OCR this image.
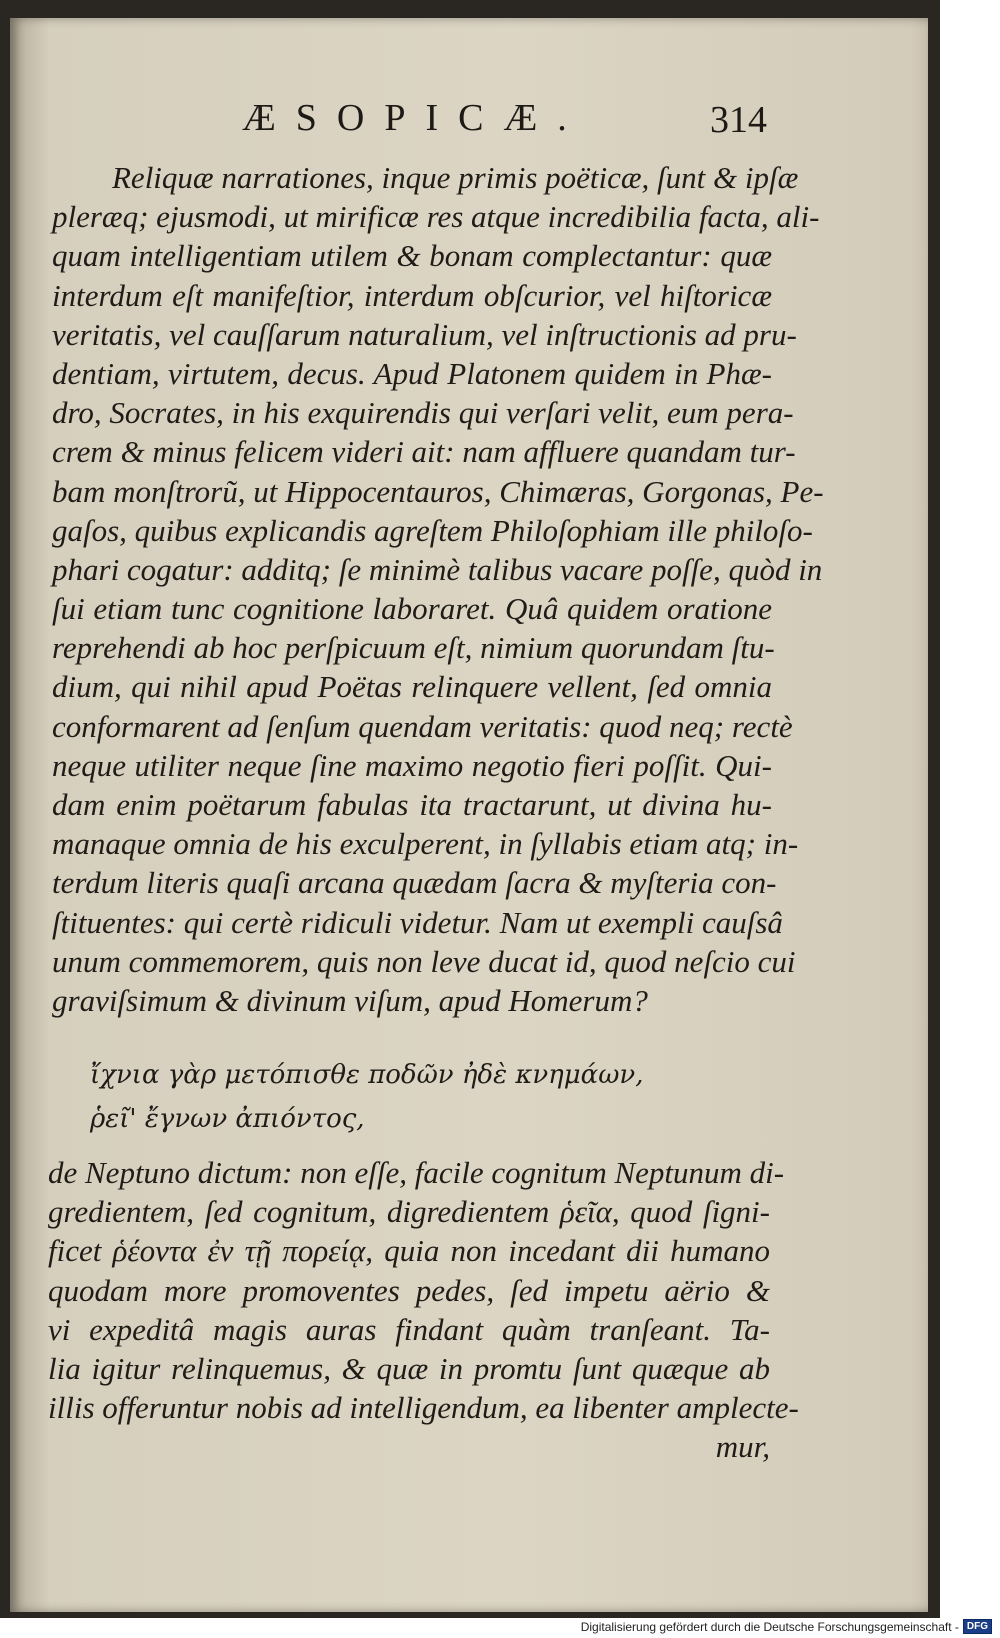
ÆSOPICÆ.	314
Reliquæ narrationes, inque primis poëticæ, ſunt & ipſæ
pleræq; ejusmodi, ut mirificæ res atque incredibilia facta, ali-
quam intelligentiam utilem & bonam complectantur: quæ
interdum eſt manifeſtior, interdum obſcurior, vel hiſtoricæ
veritatis, vel cauſſarum naturalium, vel inſtructionis ad pru-
dentiam, virtutem, decus. Apud Platonem quidem in Phæ-
dro, Socrates, in his exquirendis qui verſari velit, eum pera-
crem & minus felicem videri ait: nam affluere quandam tur-
bam monſtrorũ, ut Hippocentauros, Chimæras, Gorgonas, Pe-
gaſos, quibus explicandis agreſtem Philoſophiam ille philoſo-
phari cogatur: additq; ſe minimè talibus vacare poſſe, quòd in
ſui etiam tunc cognitione laboraret. Quâ quidem oratione
reprehendi ab hoc perſpicuum eſt, nimium quorundam ſtu-
dium, qui nihil apud Poëtas relinquere vellent, ſed omnia
conformarent ad ſenſum quendam veritatis: quod neq; rectè
neque utiliter neque ſine maximo negotio fieri poſſit. Qui-
dam enim poëtarum fabulas ita tractarunt, ut divina hu-
manaque omnia de his exculperent, in ſyllabis etiam atq; in-
terdum literis quaſi arcana quædam ſacra & myſteria con-
ſtituentes: qui certè ridiculi videtur. Nam ut exempli cauſsâ
unum commemorem, quis non leve ducat id, quod neſcio cui
graviſsimum & divinum viſum, apud Homerum?
ἴχνια γὰρ μετόπισθε ποδῶν ἠδὲ κνημάων,
ῥεῖ' ἔγνων ἀπιόντος,
de Neptuno dictum: non eſſe, facile cognitum Neptunum di-
gredientem, ſed cognitum, digredientem ῥεῖα, quod ſigni-
ficet ῥέοντα ἐν τῇ πορείᾳ, quia non incedant dii humano
quodam more promoventes pedes, ſed impetu aërio &
vi expeditâ magis auras findant quàm tranſeant. Ta-
lia igitur relinquemus, & quæ in promtu ſunt quæque ab
illis offeruntur nobis ad intelligendum, ea libenter amplecte-
mur,
Digitalisierung gefördert durch die Deutsche Forschungsgemeinschaft - DFG
